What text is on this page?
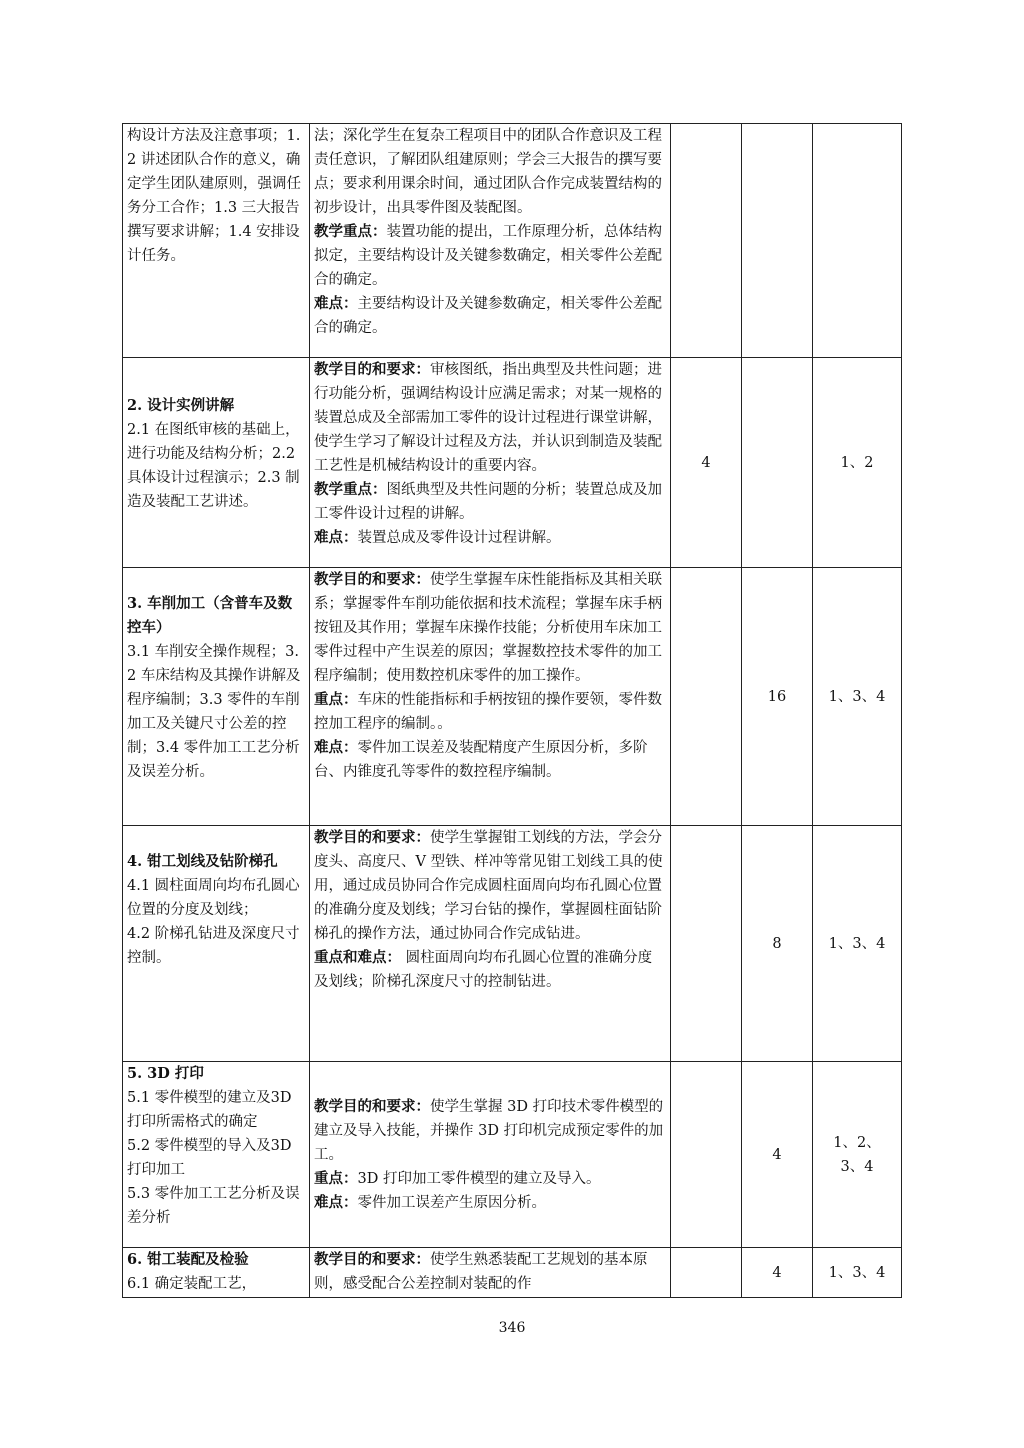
构设计方法及注意事项；1.2 讲述团队合作的意义，确定学生团队建原则，强调任务分工合作；1.3 三大报告撰写要求讲解；1.4 安排设计任务。	法；深化学生在复杂工程项目中的团队合作意识及工程责任意识，了解团队组建原则；学会三大报告的撰写要点；要求利用课余时间，通过团队合作完成装置结构的初步设计，出具零件图及装配图。
教学重点：装置功能的提出，工作原理分析，总体结构拟定，主要结构设计及关键参数确定，相关零件公差配合的确定。
难点：主要结构设计及关键参数确定，相关零件公差配合的确定。			

2. 设计实例讲解
2.1 在图纸审核的基础上，进行功能及结构分析；2.2 具体设计过程演示；2.3 制造及装配工艺讲述。	教学目的和要求：审核图纸，指出典型及共性问题；进行功能分析，强调结构设计应满足需求；对某一规格的装置总成及全部需加工零件的设计过程进行课堂讲解，使学生学习了解设计过程及方法，并认识到制造及装配工艺性是机械结构设计的重要内容。
教学重点：图纸典型及共性问题的分析；装置总成及加工零件设计过程的讲解。
难点：装置总成及零件设计过程讲解。	4		1、2

3. 车削加工（含普车及数控车）
3.1 车削安全操作规程；3.2 车床结构及其操作讲解及程序编制；3.3 零件的车削加工及关键尺寸公差的控制；3.4 零件加工工艺分析及误差分析。	教学目的和要求：使学生掌握车床性能指标及其相关联系；掌握零件车削功能依据和技术流程；掌握车床手柄按钮及其作用；掌握车床操作技能；分析使用车床加工零件过程中产生误差的原因；掌握数控技术零件的加工程序编制；使用数控机床零件的加工操作。
重点：车床的性能指标和手柄按钮的操作要领，零件数控加工程序的编制。。
难点：零件加工误差及装配精度产生原因分析，多阶台、内锥度孔等零件的数控程序编制。		16	1、3、4

4. 钳工划线及钻阶梯孔
4.1 圆柱面周向均布孔圆心位置的分度及划线；
4.2 阶梯孔钻进及深度尺寸控制。	教学目的和要求：使学生掌握钳工划线的方法，学会分度头、高度尺、V 型铁、样冲等常见钳工划线工具的使用，通过成员协同合作完成圆柱面周向均布孔圆心位置的准确分度及划线；学习台钻的操作，掌握圆柱面钻阶梯孔的操作方法，通过协同合作完成钻进。
重点和难点： 圆柱面周向均布孔圆心位置的准确分度及划线；阶梯孔深度尺寸的控制钻进。		8	1、3、4

5. 3D 打印
5.1 零件模型的建立及3D打印所需格式的确定
5.2 零件模型的导入及3D打印加工
5.3 零件加工工艺分析及误差分析	教学目的和要求：使学生掌握 3D 打印技术零件模型的建立及导入技能，并操作 3D 打印机完成预定零件的加工。
重点：3D 打印加工零件模型的建立及导入。
难点：零件加工误差产生原因分析。		4	1、2、
3、4

6. 钳工装配及检验
6.1 确定装配工艺，	教学目的和要求：使学生熟悉装配工艺规划的基本原则，感受配合公差控制对装配的作		4	1、3、4
346
